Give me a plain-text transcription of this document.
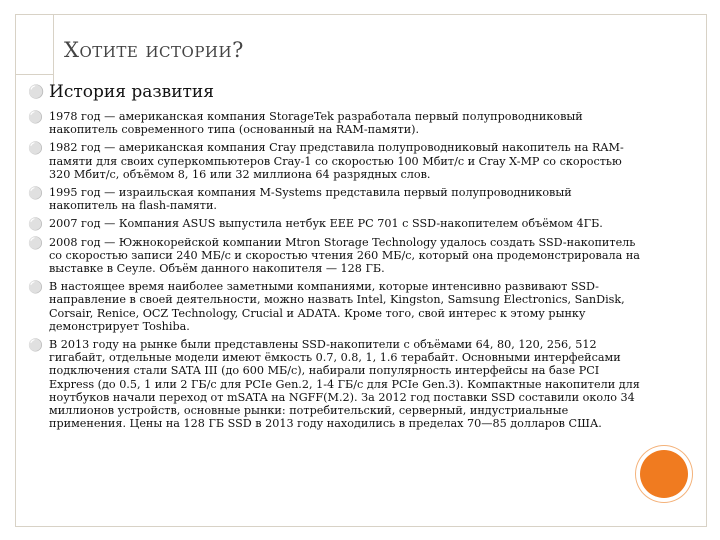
Хотите истории?
⚪ История развития
⚪ 1978 год — американская компания StorageTek разработала первый полупроводниковый накопитель современного типа (основанный на RAM-памяти).
⚪ 1982 год — американская компания Cray представила полупроводниковый накопитель на RAM-памяти для своих суперкомпьютеров Cray-1 со скоростью 100 Мбит/c и Cray X-MP со скоростью 320 Мбит/c, объёмом 8, 16 или 32 миллиона 64 разрядных слов.
⚪ 1995 год — израильская компания M-Systems представила первый полупроводниковый накопитель на flash-памяти.
⚪ 2007 год — Компания ASUS выпустила нетбук EEE PC 701 с SSD-накопителем объёмом 4ГБ.
⚪ 2008 год — Южнокорейской компании Mtron Storage Technology удалось создать SSD-накопитель со скоростью записи 240 МБ/с и скоростью чтения 260 МБ/с, который она продемонстрировала на выставке в Сеуле. Объём данного накопителя — 128 ГБ.
⚪ В настоящее время наиболее заметными компаниями, которые интенсивно развивают SSD-направление в своей деятельности, можно назвать Intel, Kingston, Samsung Electronics, SanDisk, Corsair, Renice, OCZ Technology, Crucial и ADATA. Кроме того, свой интерес к этому рынку демонстрирует Toshiba.
⚪ В 2013 году на рынке были представлены SSD-накопители с объёмами 64, 80, 120, 256, 512 гигабайт, отдельные модели имеют ёмкость 0.7, 0.8, 1, 1.6 терабайт. Основными интерфейсами подключения стали SATA III (до 600 МБ/с), набирали популярность интерфейсы на базе PCI Express (до 0.5, 1 или 2 ГБ/с для PCIe Gen.2, 1-4 ГБ/с для PCIe Gen.3). Компактные накопители для ноутбуков начали переход от mSATA на NGFF(M.2). За 2012 год поставки SSD составили около 34 миллионов устройств, основные рынки: потребительский, серверный, индустриальные применения. Цены на 128 ГБ SSD в 2013 году находились в пределах 70—85 долларов США.
